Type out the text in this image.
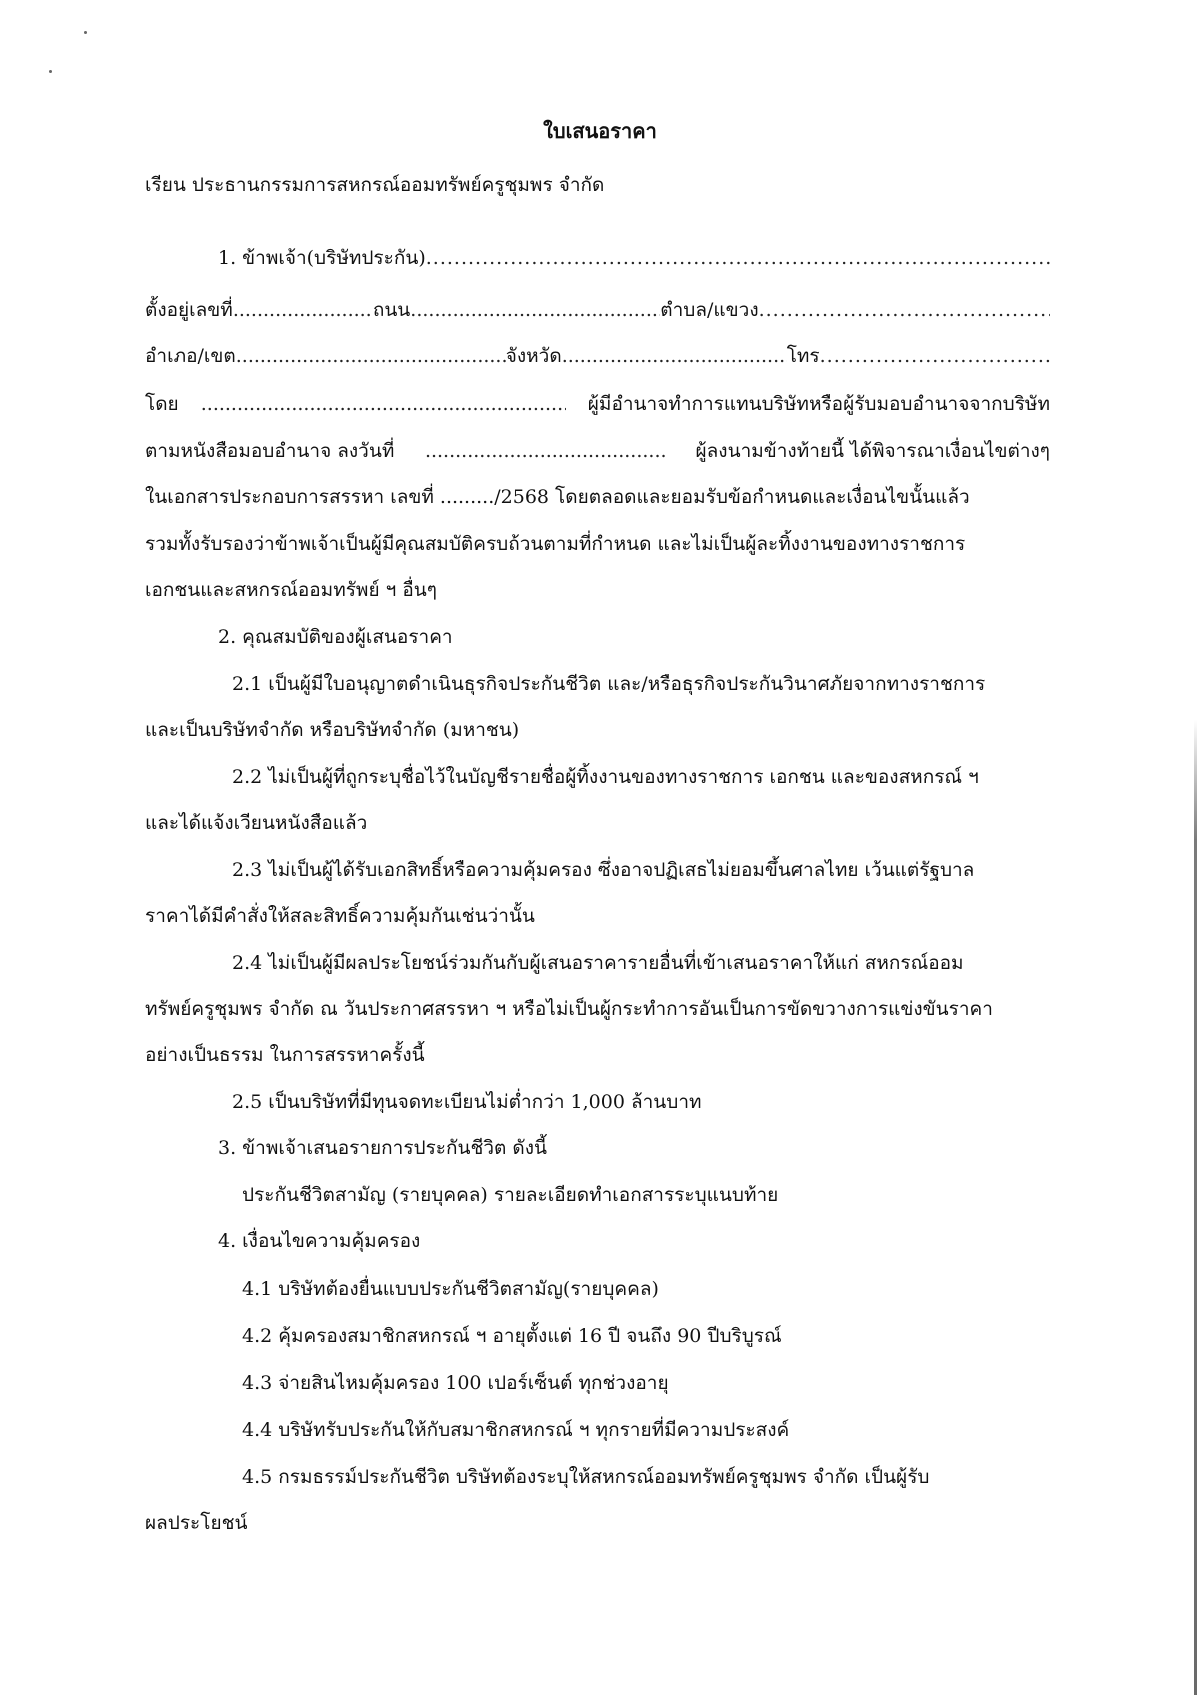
ใบเสนอราคา
เรียน ประธานกรรมการสหกรณ์ออมทรัพย์ครูชุมพร จำกัด
1. ข้าพเจ้า(บริษัทประกัน)
.....
ตั้งอยู่เลขที่ .....	ถนน .....	ตำบล/แขวง
.....
อำเภอ/เขต .....	จังหวัด .....	โทร
.....
โดย .....	ผู้มีอำนาจทำการแทนบริษัทหรือผู้รับมอบอำนาจจากบริษัท
ตามหนังสือมอบอำนาจ ลงวันที่ .....	ผู้ลงนามข้างท้ายนี้ ได้พิจารณาเงื่อนไขต่างๆ
ในเอกสารประกอบการสรรหา เลขที่ ........./2568 โดยตลอดและยอมรับข้อกำหนดและเงื่อนไขนั้นแล้ว
รวมทั้งรับรองว่าข้าพเจ้าเป็นผู้มีคุณสมบัติครบถ้วนตามที่กำหนด และไม่เป็นผู้ละทิ้งงานของทางราชการ
เอกชนและสหกรณ์ออมทรัพย์ ฯ อื่นๆ
2. คุณสมบัติของผู้เสนอราคา
2.1 เป็นผู้มีใบอนุญาตดำเนินธุรกิจประกันชีวิต และ/หรือธุรกิจประกันวินาศภัยจากทางราชการ
และเป็นบริษัทจำกัด หรือบริษัทจำกัด (มหาชน)
2.2 ไม่เป็นผู้ที่ถูกระบุชื่อไว้ในบัญชีรายชื่อผู้ทิ้งงานของทางราชการ เอกชน และของสหกรณ์ ฯ
และได้แจ้งเวียนหนังสือแล้ว
2.3 ไม่เป็นผู้ได้รับเอกสิทธิ์หรือความคุ้มครอง ซึ่งอาจปฏิเสธไม่ยอมขึ้นศาลไทย เว้นแต่รัฐบาล
ราคาได้มีคำสั่งให้สละสิทธิ์ความคุ้มกันเช่นว่านั้น
2.4 ไม่เป็นผู้มีผลประโยชน์ร่วมกันกับผู้เสนอราคารายอื่นที่เข้าเสนอราคาให้แก่ สหกรณ์ออม
ทรัพย์ครูชุมพร จำกัด ณ วันประกาศสรรหา ฯ หรือไม่เป็นผู้กระทำการอันเป็นการขัดขวางการแข่งขันราคา
อย่างเป็นธรรม ในการสรรหาครั้งนี้
2.5 เป็นบริษัทที่มีทุนจดทะเบียนไม่ต่ำกว่า 1,000 ล้านบาท
3. ข้าพเจ้าเสนอรายการประกันชีวิต ดังนี้
ประกันชีวิตสามัญ (รายบุคคล) รายละเอียดทำเอกสารระบุแนบท้าย
4. เงื่อนไขความคุ้มครอง
4.1 บริษัทต้องยื่นแบบประกันชีวิตสามัญ(รายบุคคล)
4.2 คุ้มครองสมาชิกสหกรณ์ ฯ อายุตั้งแต่ 16 ปี จนถึง 90 ปีบริบูรณ์
4.3 จ่ายสินไหมคุ้มครอง 100 เปอร์เซ็นต์ ทุกช่วงอายุ
4.4 บริษัทรับประกันให้กับสมาชิกสหกรณ์ ฯ ทุกรายที่มีความประสงค์
4.5 กรมธรรม์ประกันชีวิต บริษัทต้องระบุให้สหกรณ์ออมทรัพย์ครูชุมพร จำกัด เป็นผู้รับ
ผลประโยชน์
